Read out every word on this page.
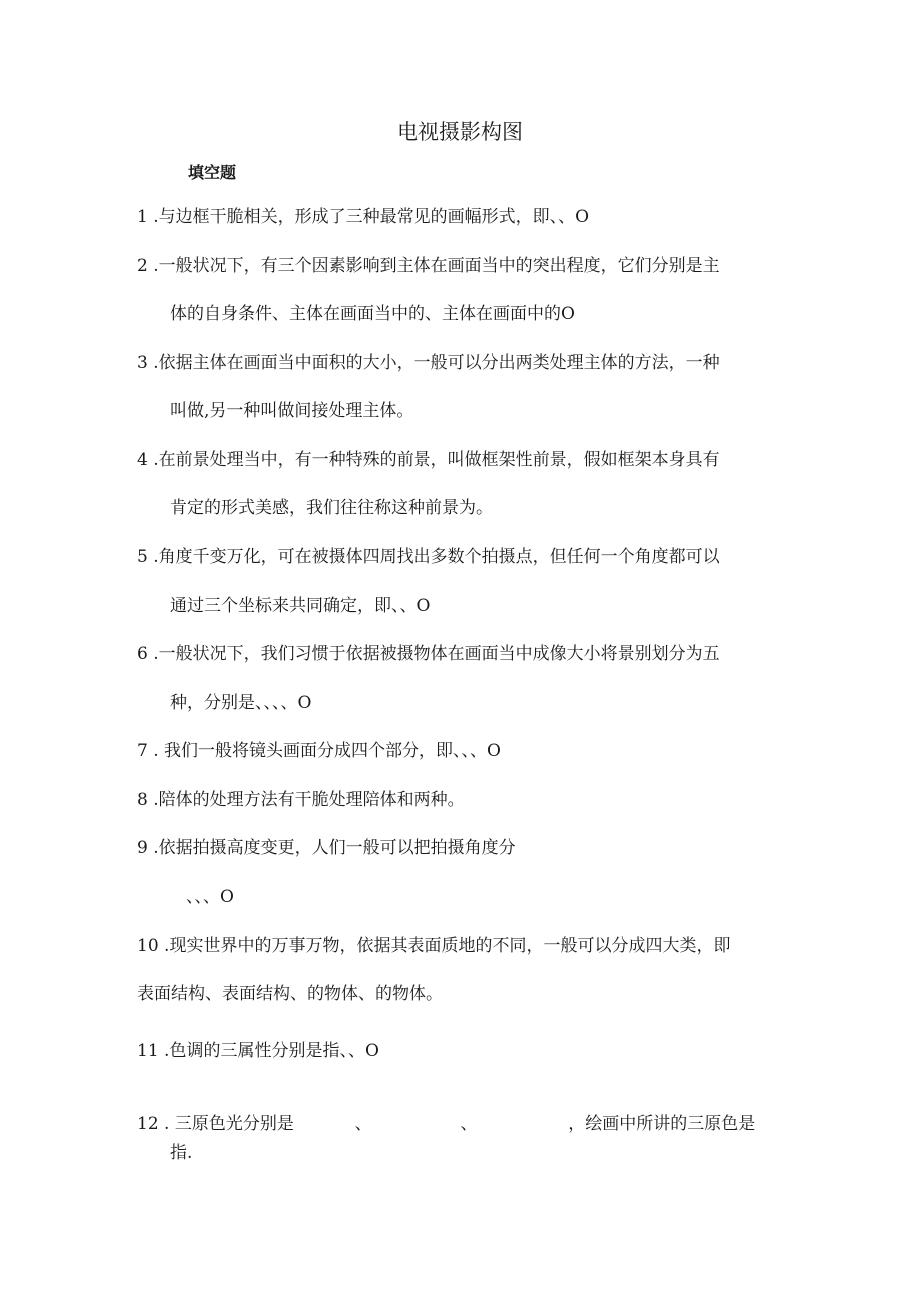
电视摄影构图
填空题
1 .与边框干脆相关，形成了三种最常见的画幅形式，即、、O
2 .一般状况下，有三个因素影响到主体在画面当中的突出程度，它们分别是主
体的自身条件、主体在画面当中的、主体在画面中的O
3 .依据主体在画面当中面积的大小，一般可以分出两类处理主体的方法，一种
叫做,另一种叫做间接处理主体。
4 .在前景处理当中，有一种特殊的前景，叫做框架性前景，假如框架本身具有
肯定的形式美感，我们往往称这种前景为。
5 .角度千变万化，可在被摄体四周找出多数个拍摄点，但任何一个角度都可以
通过三个坐标来共同确定，即、、O
6 .一般状况下，我们习惯于依据被摄物体在画面当中成像大小将景别划分为五
种，分别是、、、、O
7 . 我们一般将镜头画面分成四个部分，即、、、O
8 .陪体的处理方法有干脆处理陪体和两种。
9 .依据拍摄高度变更，人们一般可以把拍摄角度分
、、、O
10 .现实世界中的万事万物，依据其表面质地的不同，一般可以分成四大类，即
表面结构、表面结构、的物体、的物体。
11 .色调的三属性分别是指、、O
12 . 三原色光分别是	、	、	，绘画中所讲的三原色是
指.
